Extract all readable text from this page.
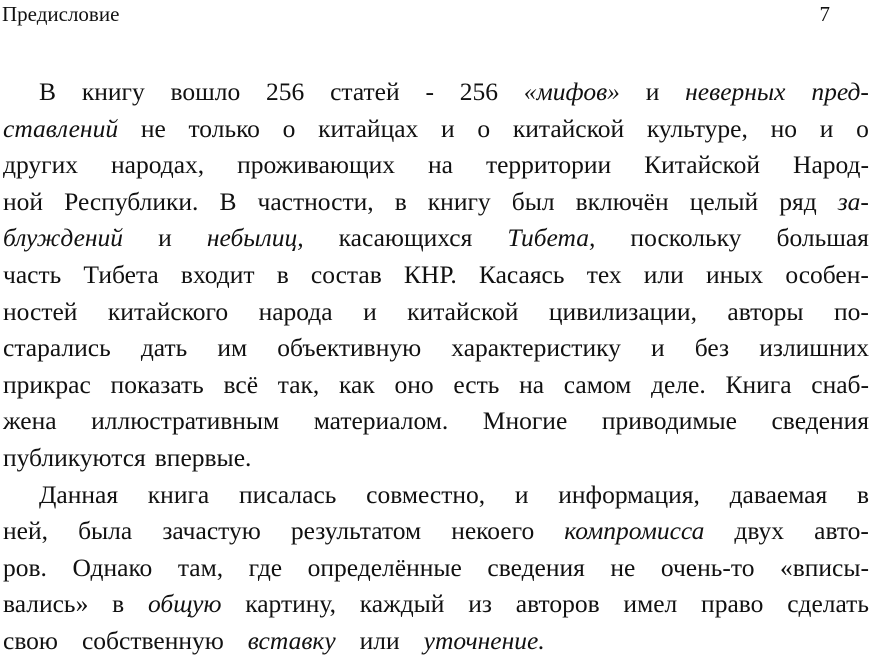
Предисловие	7
В книгу вошло 256 статей - 256 «мифов» и неверных пред-
ставлений не только о китайцах и о китайской культуре, но и о
других народах, проживающих на территории Китайской Народ-
ной Республики. В частности, в книгу был включён целый ряд за-
блуждений и небылиц, касающихся Тибета, поскольку большая
часть Тибета входит в состав КНР. Касаясь тех или иных особен-
ностей китайского народа и китайской цивилизации, авторы по-
старались дать им объективную характеристику и без излишних
прикрас показать всё так, как оно есть на самом деле. Книга снаб-
жена иллюстративным материалом. Многие приводимые сведения
публикуются впервые.
Данная книга писалась совместно, и информация, даваемая в
ней, была зачастую результатом некоего компромисса двух авто-
ров. Однако там, где определённые сведения не очень-то «вписы-
вались» в общую картину, каждый из авторов имел право сделать
свою собственную вставку или уточнение.
